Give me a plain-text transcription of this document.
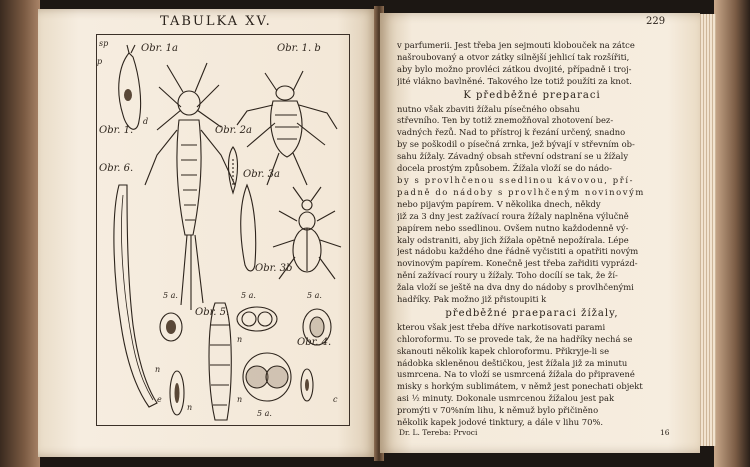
TABULKA XV.
sp
p
Obr. 1a	Obr. 1. b
Obr. 1.
d
Obr. 2a
Obr. 6.
Obr. 3a
Obr. 3b
Obr. 5.
Obr. 4.
5 a.	5 a.	5 a.
5 a.
n
n
n
n
e	c
229

v parfumerii. Jest třeba jen sejmouti klobouček na zátce

našroubovaný a otvor zátky silnější jehlicí tak rozšířiti,

aby bylo možno provléci zátkou dvojité, případně i troj-

jité vlákno bavlněné. Takového lze totiž použíti za knot.

K předběžné preparaci

nutno však zbaviti žížalu písečného obsahu

střevního. Ten by totiž znemožňoval zhotovení bez-

vadných řezů. Nad to přístroj k řezání určený, snadno

by se poškodil o písečná zrnka, jež bývají v střevním ob-

sahu žížaly. Závadný obsah střevní odstraní se u žížaly

docela prostým způsobem. Žížala vloží se do nádo-

by s provlhčenou ssedlinou kávovou, pří-

padně do nádoby s provlhčeným novinovým

nebo pijavým papírem. V několika dnech, někdy

již za 3 dny jest zažívací roura žížaly naplněna výlučně

papírem nebo ssedlinou. Ovšem nutno každodenně vý-

kaly odstraniti, aby jich žížala opětně nepožírala. Lépe

jest nádobu každého dne řádně vyčistiti a opatřiti novým

novinovým papírem. Konečně jest třeba zařiditi vyprázd-

nění zažívací roury u žížaly. Toho docílí se tak, že ží-

žala vloží se ještě na dva dny do nádoby s provlhčenými

hadříky. Pak možno již přistoupiti k

předběžné praeparaci žížaly,

kterou však jest třeba dříve narkotisovati parami

chloroformu. To se provede tak, že na hadříky nechá se

skanouti několik kapek chloroformu. Přikryje-li se

nádobka skleněnou deštičkou, jest žížala již za minutu

usmrcena. Na to vloží se usmrcená žížala do připravené

misky s horkým sublimátem, v němž jest ponechati objekt

asi ½ minuty. Dokonale usmrcenou žížalou jest pak

promýti v 70%ním lihu, k němuž bylo přičiněno

několik kapek jodové tinktury, a dále v lihu 70%.

Dr. L. Tereba: Prvoci	16
